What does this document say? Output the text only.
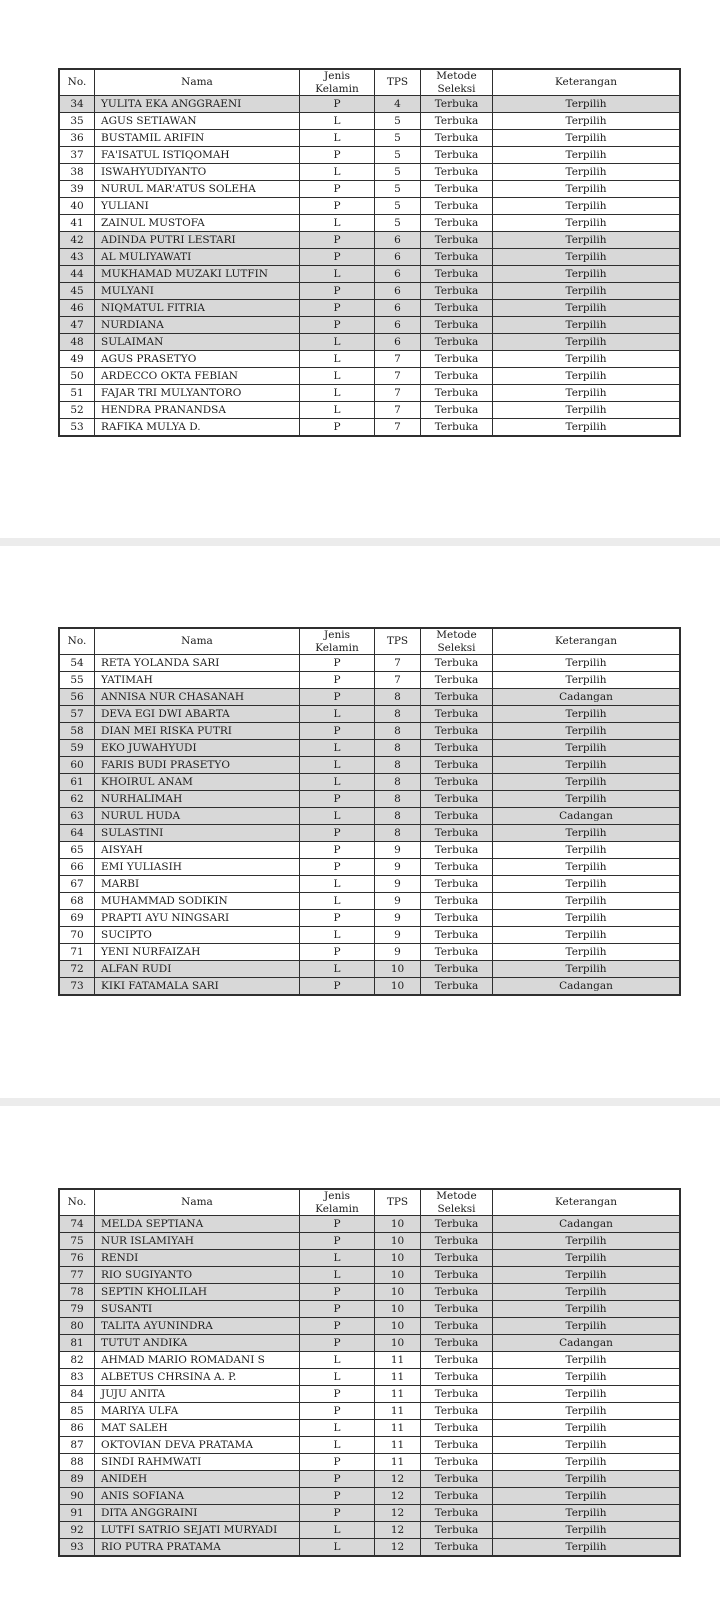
No.	Nama	Jenis Kelamin	TPS	Metode Seleksi	Keterangan
34	YULITA EKA ANGGRAENI	P	4	Terbuka	Terpilih
35	AGUS SETIAWAN	L	5	Terbuka	Terpilih
36	BUSTAMIL ARIFIN	L	5	Terbuka	Terpilih
37	FA'ISATUL ISTIQOMAH	P	5	Terbuka	Terpilih
38	ISWAHYUDIYANTO	L	5	Terbuka	Terpilih
39	NURUL MAR'ATUS SOLEHA	P	5	Terbuka	Terpilih
40	YULIANI	P	5	Terbuka	Terpilih
41	ZAINUL MUSTOFA	L	5	Terbuka	Terpilih
42	ADINDA PUTRI LESTARI	P	6	Terbuka	Terpilih
43	AL MULIYAWATI	P	6	Terbuka	Terpilih
44	MUKHAMAD MUZAKI LUTFIN	L	6	Terbuka	Terpilih
45	MULYANI	P	6	Terbuka	Terpilih
46	NIQMATUL FITRIA	P	6	Terbuka	Terpilih
47	NURDIANA	P	6	Terbuka	Terpilih
48	SULAIMAN	L	6	Terbuka	Terpilih
49	AGUS PRASETYO	L	7	Terbuka	Terpilih
50	ARDECCO OKTA FEBIAN	L	7	Terbuka	Terpilih
51	FAJAR TRI MULYANTORO	L	7	Terbuka	Terpilih
52	HENDRA PRANANDSA	L	7	Terbuka	Terpilih
53	RAFIKA MULYA D.	P	7	Terbuka	Terpilih
No.	Nama	Jenis Kelamin	TPS	Metode Seleksi	Keterangan
54	RETA YOLANDA SARI	P	7	Terbuka	Terpilih
55	YATIMAH	P	7	Terbuka	Terpilih
56	ANNISA NUR CHASANAH	P	8	Terbuka	Cadangan
57	DEVA EGI DWI ABARTA	L	8	Terbuka	Terpilih
58	DIAN MEI RISKA PUTRI	P	8	Terbuka	Terpilih
59	EKO JUWAHYUDI	L	8	Terbuka	Terpilih
60	FARIS BUDI PRASETYO	L	8	Terbuka	Terpilih
61	KHOIRUL ANAM	L	8	Terbuka	Terpilih
62	NURHALIMAH	P	8	Terbuka	Terpilih
63	NURUL HUDA	L	8	Terbuka	Cadangan
64	SULASTINI	P	8	Terbuka	Terpilih
65	AISYAH	P	9	Terbuka	Terpilih
66	EMI YULIASIH	P	9	Terbuka	Terpilih
67	MARBI	L	9	Terbuka	Terpilih
68	MUHAMMAD SODIKIN	L	9	Terbuka	Terpilih
69	PRAPTI AYU NINGSARI	P	9	Terbuka	Terpilih
70	SUCIPTO	L	9	Terbuka	Terpilih
71	YENI NURFAIZAH	P	9	Terbuka	Terpilih
72	ALFAN RUDI	L	10	Terbuka	Terpilih
73	KIKI FATAMALA SARI	P	10	Terbuka	Cadangan
No.	Nama	Jenis Kelamin	TPS	Metode Seleksi	Keterangan
74	MELDA SEPTIANA	P	10	Terbuka	Cadangan
75	NUR ISLAMIYAH	P	10	Terbuka	Terpilih
76	RENDI	L	10	Terbuka	Terpilih
77	RIO SUGIYANTO	L	10	Terbuka	Terpilih
78	SEPTIN KHOLILAH	P	10	Terbuka	Terpilih
79	SUSANTI	P	10	Terbuka	Terpilih
80	TALITA AYUNINDRA	P	10	Terbuka	Terpilih
81	TUTUT ANDIKA	P	10	Terbuka	Cadangan
82	AHMAD MARIO ROMADANI S	L	11	Terbuka	Terpilih
83	ALBETUS CHRSINA A. P.	L	11	Terbuka	Terpilih
84	JUJU ANITA	P	11	Terbuka	Terpilih
85	MARIYA ULFA	P	11	Terbuka	Terpilih
86	MAT SALEH	L	11	Terbuka	Terpilih
87	OKTOVIAN DEVA PRATAMA	L	11	Terbuka	Terpilih
88	SINDI RAHMWATI	P	11	Terbuka	Terpilih
89	ANIDEH	P	12	Terbuka	Terpilih
90	ANIS SOFIANA	P	12	Terbuka	Terpilih
91	DITA ANGGRAINI	P	12	Terbuka	Terpilih
92	LUTFI SATRIO SEJATI MURYADI	L	12	Terbuka	Terpilih
93	RIO PUTRA PRATAMA	L	12	Terbuka	Terpilih
